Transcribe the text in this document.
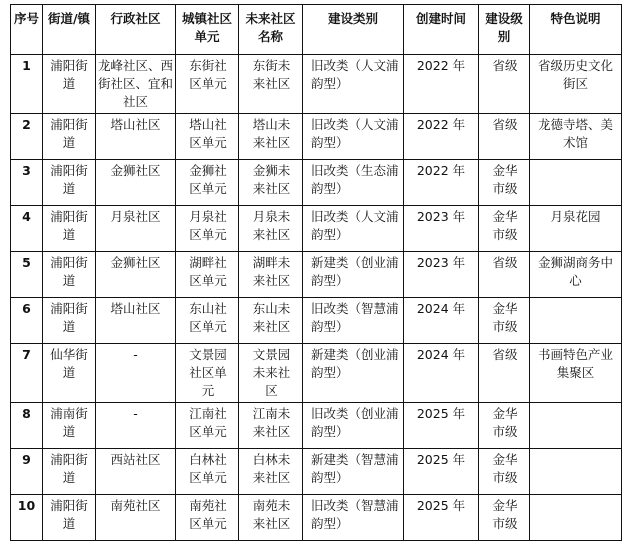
序号	街道/镇	行政社区	城镇社区单元	未来社区名称	建设类别	创建时间	建设级别	特色说明
1	浦阳街道	龙峰社区、西街社区、宜和社区	东街社区单元	东街未来社区	旧改类（人文浦韵型）	2022 年	省级	省级历史文化街区
2	浦阳街道	塔山社区	塔山社区单元	塔山未来社区	旧改类（人文浦韵型）	2022 年	省级	龙德寺塔、美术馆
3	浦阳街道	金狮社区	金狮社区单元	金狮未来社区	旧改类（生态浦韵型）	2022 年	金华市级	
4	浦阳街道	月泉社区	月泉社区单元	月泉未来社区	旧改类（人文浦韵型）	2023 年	金华市级	月泉花园
5	浦阳街道	金狮社区	湖畔社区单元	湖畔未来社区	新建类（创业浦韵型）	2023 年	省级	金狮湖商务中心
6	浦阳街道	塔山社区	东山社区单元	东山未来社区	旧改类（智慧浦韵型）	2024 年	金华市级	
7	仙华街道	-	文景园社区单元	文景园未来社区	新建类（创业浦韵型）	2024 年	省级	书画特色产业集聚区
8	浦南街道	-	江南社区单元	江南未来社区	旧改类（创业浦韵型）	2025 年	金华市级	
9	浦阳街道	西站社区	白林社区单元	白林未来社区	新建类（智慧浦韵型）	2025 年	金华市级	
10	浦阳街道	南苑社区	南苑社区单元	南苑未来社区	旧改类（智慧浦韵型）	2025 年	金华市级	
